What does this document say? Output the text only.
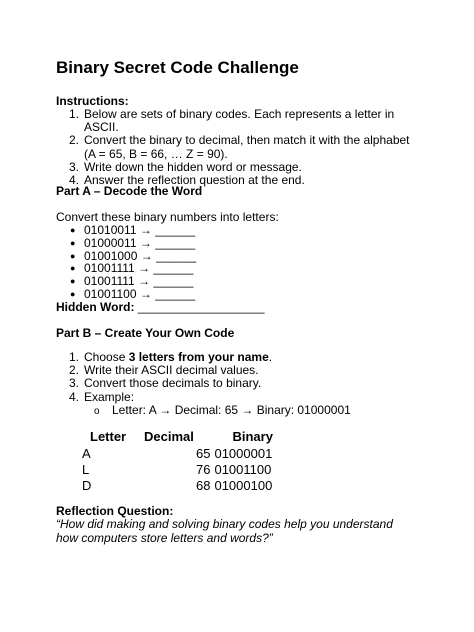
Binary Secret Code Challenge
Instructions:
1. Below are sets of binary codes. Each represents a letter in ASCII.
2. Convert the binary to decimal, then match it with the alphabet (A = 65, B = 66, … Z = 90).
3. Write down the hidden word or message.
4. Answer the reflection question at the end.
Part A – Decode the Word
Convert these binary numbers into letters:
● 01010011 → ______
● 01000011 → ______
● 01001000 → ______
● 01001111 → ______
● 01001111 → ______
● 01001100 → ______
Hidden Word: ___________________
Part B – Create Your Own Code
1. Choose 3 letters from your name.
2. Write their ASCII decimal values.
3. Convert those decimals to binary.
4. Example:
o Letter: A → Decimal: 65 → Binary: 01000001
Letter	Decimal	Binary
A	65	01000001
L	76	01001100
D	68	01000100
Reflection Question:

“How did making and solving binary codes help you understand how computers store letters and words?”
